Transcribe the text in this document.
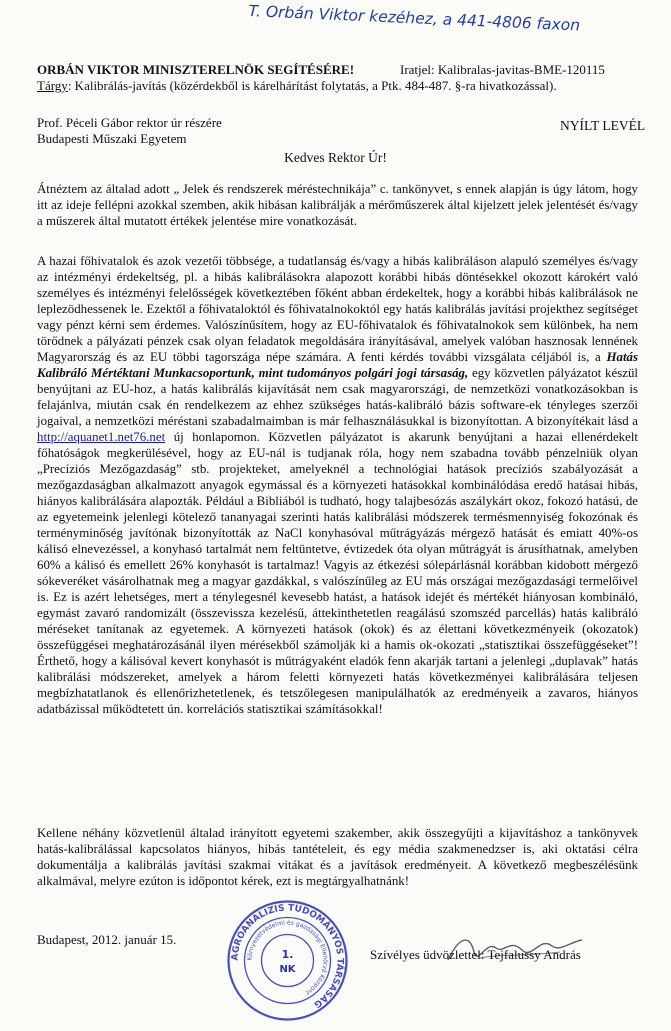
T. Orbán Viktor kezéhez, a 441-4806 faxon
ORBÁN VIKTOR MINISZTERELNÖK SEGÍTÉSÉRE!	Iratjel: Kalibralas-javitas-BME-120115
Tárgy: Kalibrálás-javítás (közérdekből is kárelhárítást folytatás, a Ptk. 484-487. §-ra hivatkozással).
Prof. Péceli Gábor rektor úr részére
Budapesti Műszaki Egyetem
NYÍLT LEVÉL
Kedves Rektor Úr!
Átnéztem az általad adott „ Jelek és rendszerek méréstechnikája” c. tankönyvet, s ennek alapján is úgy látom, hogy itt az ideje fellépni azokkal szemben, akik hibásan kalibrálják a mérőműszerek által kijelzett jelek jelentését és/vagy a műszerek által mutatott értékek jelentése mire vonatkozását.
A hazai főhivatalok és azok vezetői többsége, a tudatlanság és/vagy a hibás kalibráláson alapuló személyes és/vagy az intézményi érdekeltség, pl. a hibás kalibrálásokra alapozott korábbi hibás döntésekkel okozott károkért való személyes és intézményi felelősségek következtében főként abban érdekeltek, hogy a korábbi hibás kalibrálások ne leplezödhessenek le. Ezektől a főhivataloktól és főhivatalnokoktól egy hatás kalibrálás javítási projekthez segítséget vagy pénzt kérni sem érdemes. Valószínűsítem, hogy az EU-főhivatalok és főhivatalnokok sem különbek, ha nem törődnek a pályázati pénzek csak olyan feladatok megoldására irányításával, amelyek valóban hasznosak lennének Magyarország és az EU többi tagországa népe számára. A fenti kérdés további vizsgálata céljából is, a Hatás Kalibráló Mértéktani Munkacsoportunk, mint tudományos polgári jogi társaság, egy közvetlen pályázatot készül benyújtani az EU-hoz, a hatás kalibrálás kijavítását nem csak magyarországi, de nemzetközi vonatkozásokban is felajánlva, miután csak én rendelkezem az ehhez szükséges hatás-kalibráló bázis software-ek tényleges szerzői jogaival, a nemzetközi méréstani szabadalmaimban is már felhasználásukkal is bizonyítottan. A bizonyítékait lásd a http://aquanet1.net76.net új honlapomon. Közvetlen pályázatot is akarunk benyújtani a hazai ellenérdekelt főhatóságok megkerülésével, hogy az EU-nál is tudjanak róla, hogy nem szabadna tovább pénzelniük olyan „Precíziós Mezőgazdaság” stb. projekteket, amelyeknél a technológiai hatások precíziós szabályozását a mezőgazdaságban alkalmazott anyagok egymással és a környezeti hatásokkal kombinálódása eredő hatásai hibás, hiányos kalibrálására alapozták. Például a Bibliából is tudható, hogy talajbesózás aszálykárt okoz, fokozó hatású, de az egyetemeink jelenlegi kötelező tananyagai szerinti hatás kalibrálási módszerek termésmennyiség fokozónak és terményminőség javítónak bizonyították az NaCl konyhasóval műtrágyázás mérgező hatását és emiatt 40%-os kálisó elnevezéssel, a konyhasó tartalmát nem feltüntetve, évtizedek óta olyan műtrágyát is árusíthatnak, amelyben 60% a kálisó és emellett 26% konyhasót is tartalmaz! Vagyis az étkezési sólepárlásnál korábban kidobott mérgező sókeveréket vásárolhatnak meg a magyar gazdákkal, s valószínűleg az EU más országai mezőgazdasági termelőivel is. Ez is azért lehetséges, mert a ténylegesnél kevesebb hatást, a hatások idejét és mértékét hiányosan kombináló, egymást zavaró randomizált (összevissza kezelésű, áttekinthetetlen reagálású szomszéd parcellás) hatás kalibráló méréseket tanítanak az egyetemek. A környezeti hatások (okok) és az élettani következményeik (okozatok) összefüggései meghatározásánál ilyen mérésekből számolják ki a hamis ok-okozati „statisztikai összefüggéseket”! Érthető, hogy a kálisóval kevert konyhasót is műtrágyaként eladók fenn akarják tartani a jelenlegi „duplavak” hatás kalibrálási módszereket, amelyek a három feletti környezeti hatás következményei kalibrálására teljesen megbízhatatlanok és ellenőrizhetetlenek, és tetszőlegesen manipulálhatók az eredményeik a zavaros, hiányos adatbázissal működtetett ún. korrelációs statisztikai számításokkal!
Kellene néhány közvetlenül általad irányított egyetemi szakember, akik összegyűjti a kijavításhoz a tankönyvek hatás-kalibrálással kapcsolatos hiányos, hibás tantételeit, és egy média szakmenedzser is, aki oktatási célra dokumentálja a kalibrálás javítási szakmai vitákat és a javítások eredményeit. A következő megbeszélésünk alkalmával, melyre ezúton is időpontot kérek, ezt is megtárgyalhatnánk!
Budapest, 2012. január 15.
AGROANALIZIS TUDOMÁNYOS TÁRSASÁG
Környezetvédelmi és gazdasági Ellenőrző Központ
1.
NK
Szívélyes üdvözlettel: Tejfalussy András
